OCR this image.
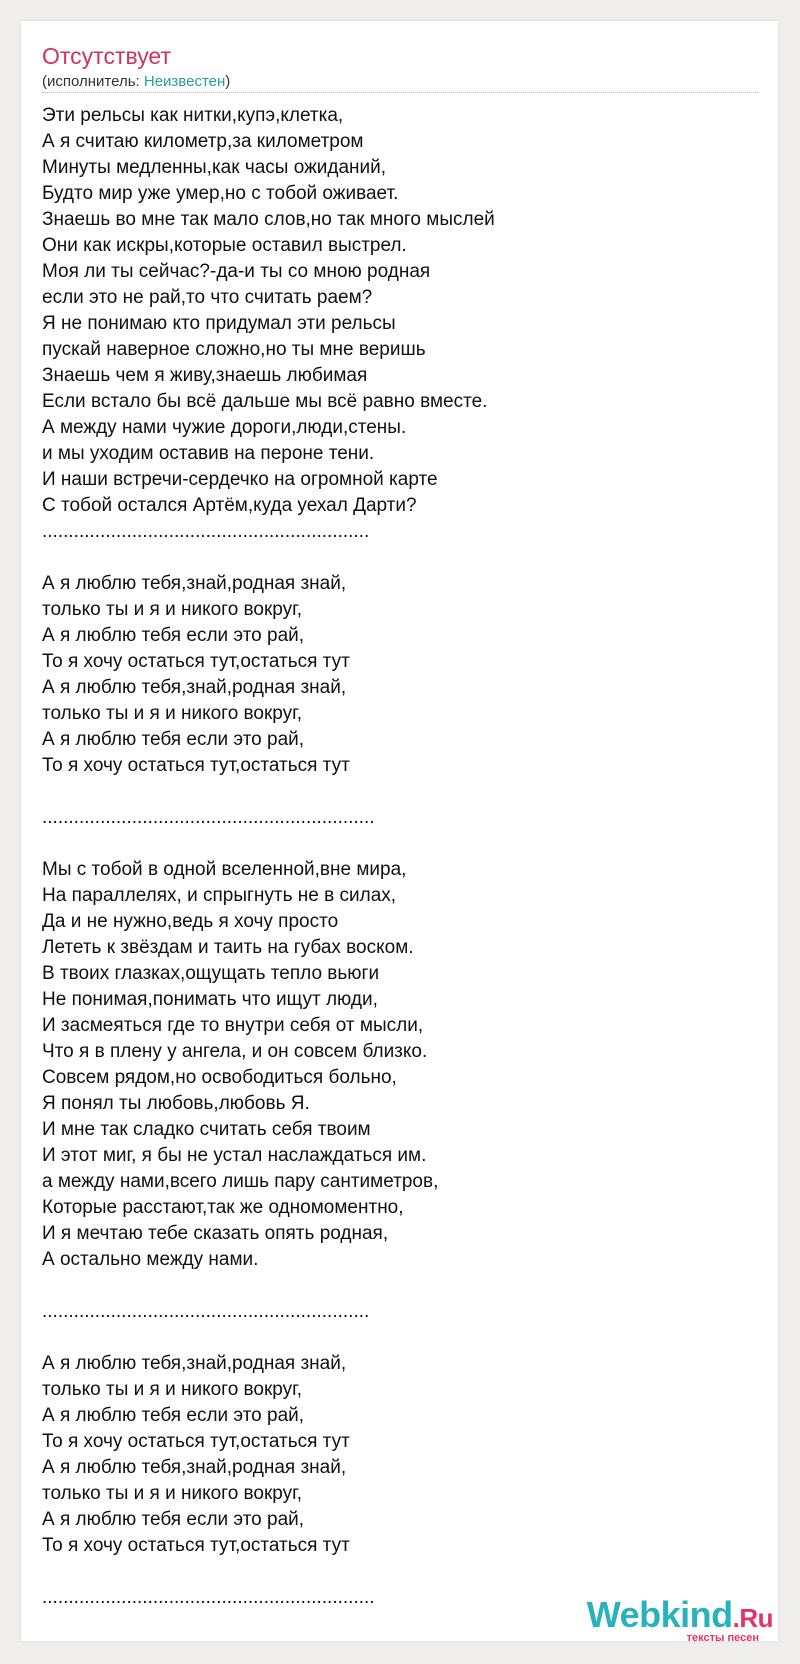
Отсутствует
(исполнитель: Неизвестен)
Эти рельсы как нитки,купэ,клетка,
А я считаю километр,за километром
Минуты медленны,как часы ожиданий,
Будто мир уже умер,но с тобой оживает.
Знаешь во мне так мало слов,но так много мыслей
Они как искры,которые оставил выстрел.
Моя ли ты сейчас?-да-и ты со мною родная
если это не рай,то что считать раем?
Я не понимаю кто придумал эти рельсы
пускай наверное сложно,но ты мне веришь
Знаешь чем я живу,знаешь любимая
Если встало бы всё дальше мы всё равно вместе.
А между нами чужие дороги,люди,стены.
и мы уходим оставив на пероне тени.
И наши встречи-сердечко на огромной карте
С тобой остался Артём,куда уехал Дарти?
..............................................................
А я люблю тебя,знай,родная знай,
только ты и я и никого вокруг,
А я люблю тебя если это рай,
То я хочу остаться тут,остаться тут
А я люблю тебя,знай,родная знай,
только ты и я и никого вокруг,
А я люблю тебя если это рай,
То я хочу остаться тут,остаться тут
...............................................................
Мы с тобой в одной вселенной,вне мира,
На параллелях, и спрыгнуть не в силах,
Да и не нужно,ведь я хочу просто
Лететь к звёздам и таить на губах воском.
В твоих глазках,ощущать тепло вьюги
Не понимая,понимать что ищут люди,
И засмеяться где то внутри себя от мысли,
Что я в плену у ангела, и он совсем близко.
Совсем рядом,но освободиться больно,
Я понял ты любовь,любовь Я.
И мне так сладко считать себя твоим
И этот миг, я бы не устал наслаждаться им.
а между нами,всего лишь пару сантиметров,
Которые расстают,так же одномоментно,
И я мечтаю тебе сказать опять родная,
А остально между нами.
..............................................................
А я люблю тебя,знай,родная знай,
только ты и я и никого вокруг,
А я люблю тебя если это рай,
То я хочу остаться тут,остаться тут
А я люблю тебя,знай,родная знай,
только ты и я и никого вокруг,
А я люблю тебя если это рай,
То я хочу остаться тут,остаться тут
...............................................................	Webkind.Ru
тексты песен
